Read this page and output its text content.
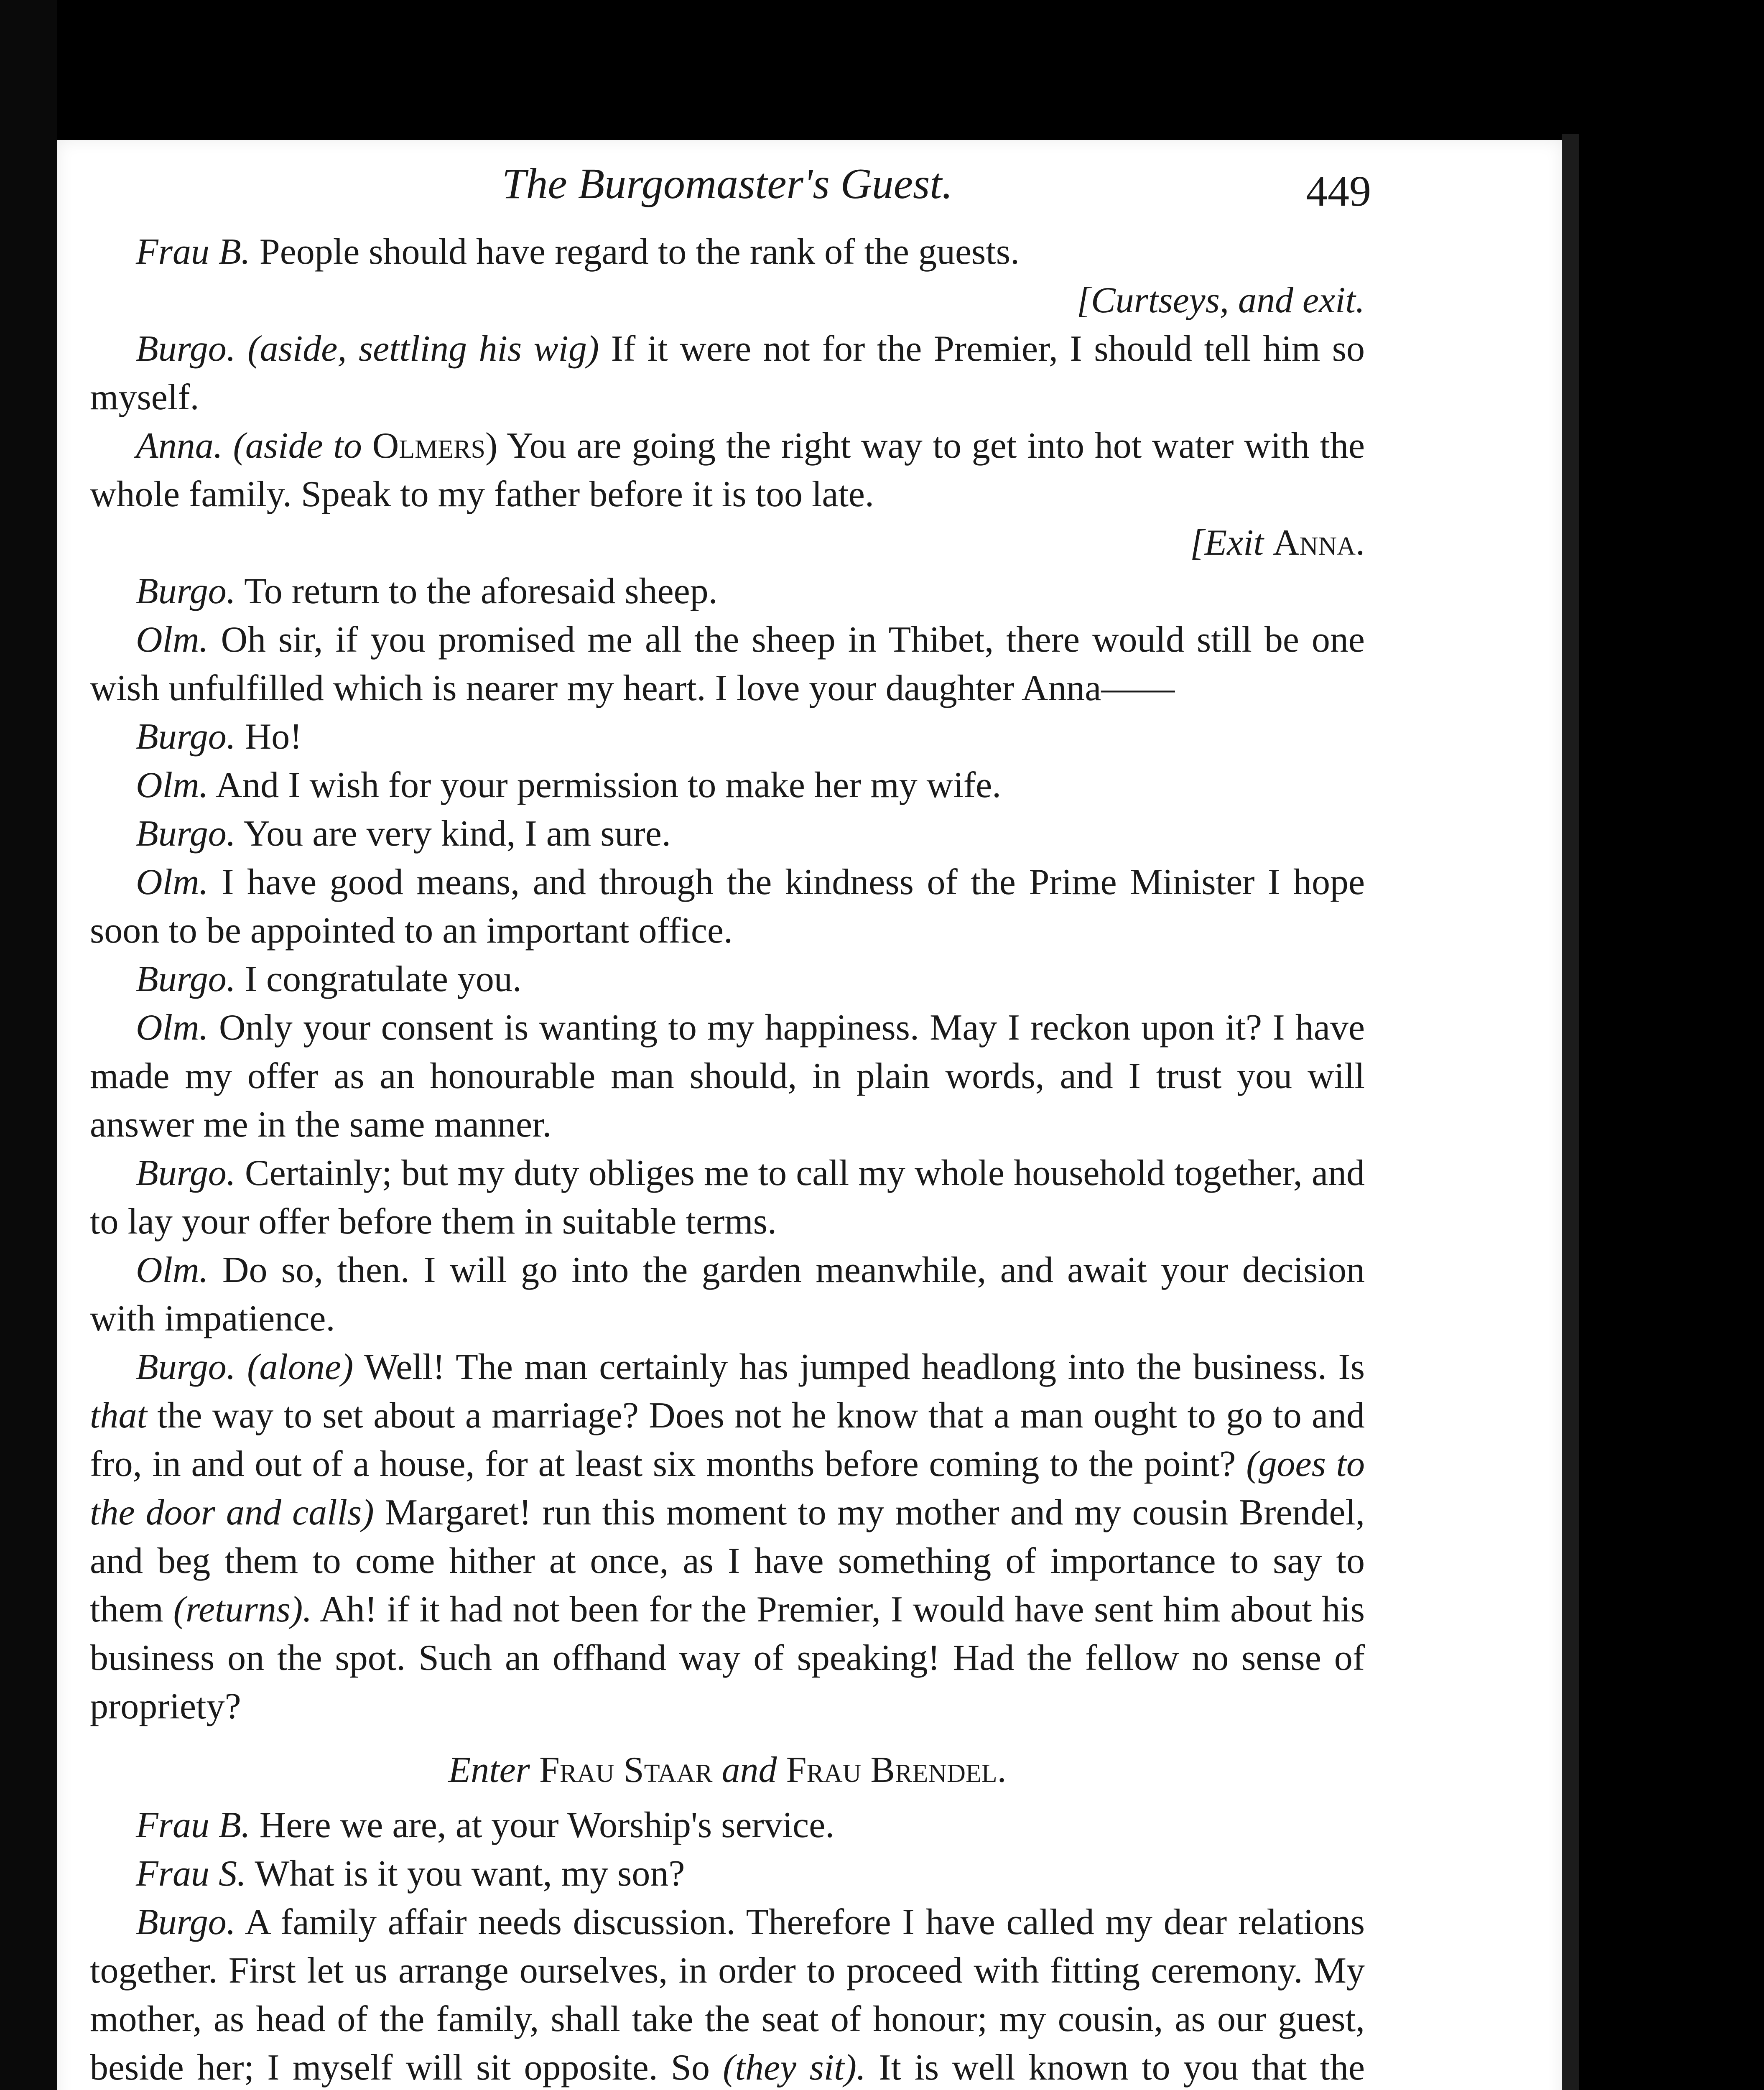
The Burgomaster's Guest.	449

Frau B. People should have regard to the rank of the guests.

[Curtseys, and exit.

Burgo. (aside, settling his wig) If it were not for the Premier, I should tell him so myself.

Anna. (aside to Olmers) You are going the right way to get into hot water with the whole family. Speak to my father before it is too late.

[Exit Anna.

Burgo. To return to the aforesaid sheep.

Olm. Oh sir, if you promised me all the sheep in Thibet, there would still be one wish unfulfilled which is nearer my heart. I love your daughter Anna——

Burgo. Ho!

Olm. And I wish for your permission to make her my wife.

Burgo. You are very kind, I am sure.

Olm. I have good means, and through the kindness of the Prime Minister I hope soon to be appointed to an important office.

Burgo. I congratulate you.

Olm. Only your consent is wanting to my happiness. May I reckon upon it? I have made my offer as an honourable man should, in plain words, and I trust you will answer me in the same manner.

Burgo. Certainly; but my duty obliges me to call my whole household together, and to lay your offer before them in suitable terms.

Olm. Do so, then. I will go into the garden meanwhile, and await your decision with impatience.

Burgo. (alone) Well! The man certainly has jumped headlong into the business. Is that the way to set about a marriage? Does not he know that a man ought to go to and fro, in and out of a house, for at least six months before coming to the point? (goes to the door and calls) Margaret! run this moment to my mother and my cousin Brendel, and beg them to come hither at once, as I have something of importance to say to them (returns). Ah! if it had not been for the Premier, I would have sent him about his business on the spot. Such an offhand way of speaking! Had the fellow no sense of propriety?

Enter Frau Staar and Frau Brendel.

Frau B. Here we are, at your Worship's service.

Frau S. What is it you want, my son?

Burgo. A family affair needs discussion. Therefore I have called my dear relations together. First let us arrange ourselves, in order to proceed with fitting ceremony. My mother, as head of the family, shall take the seat of honour; my cousin, as our guest, beside her; I myself will sit opposite. So (they sit). It is well known to you that the
